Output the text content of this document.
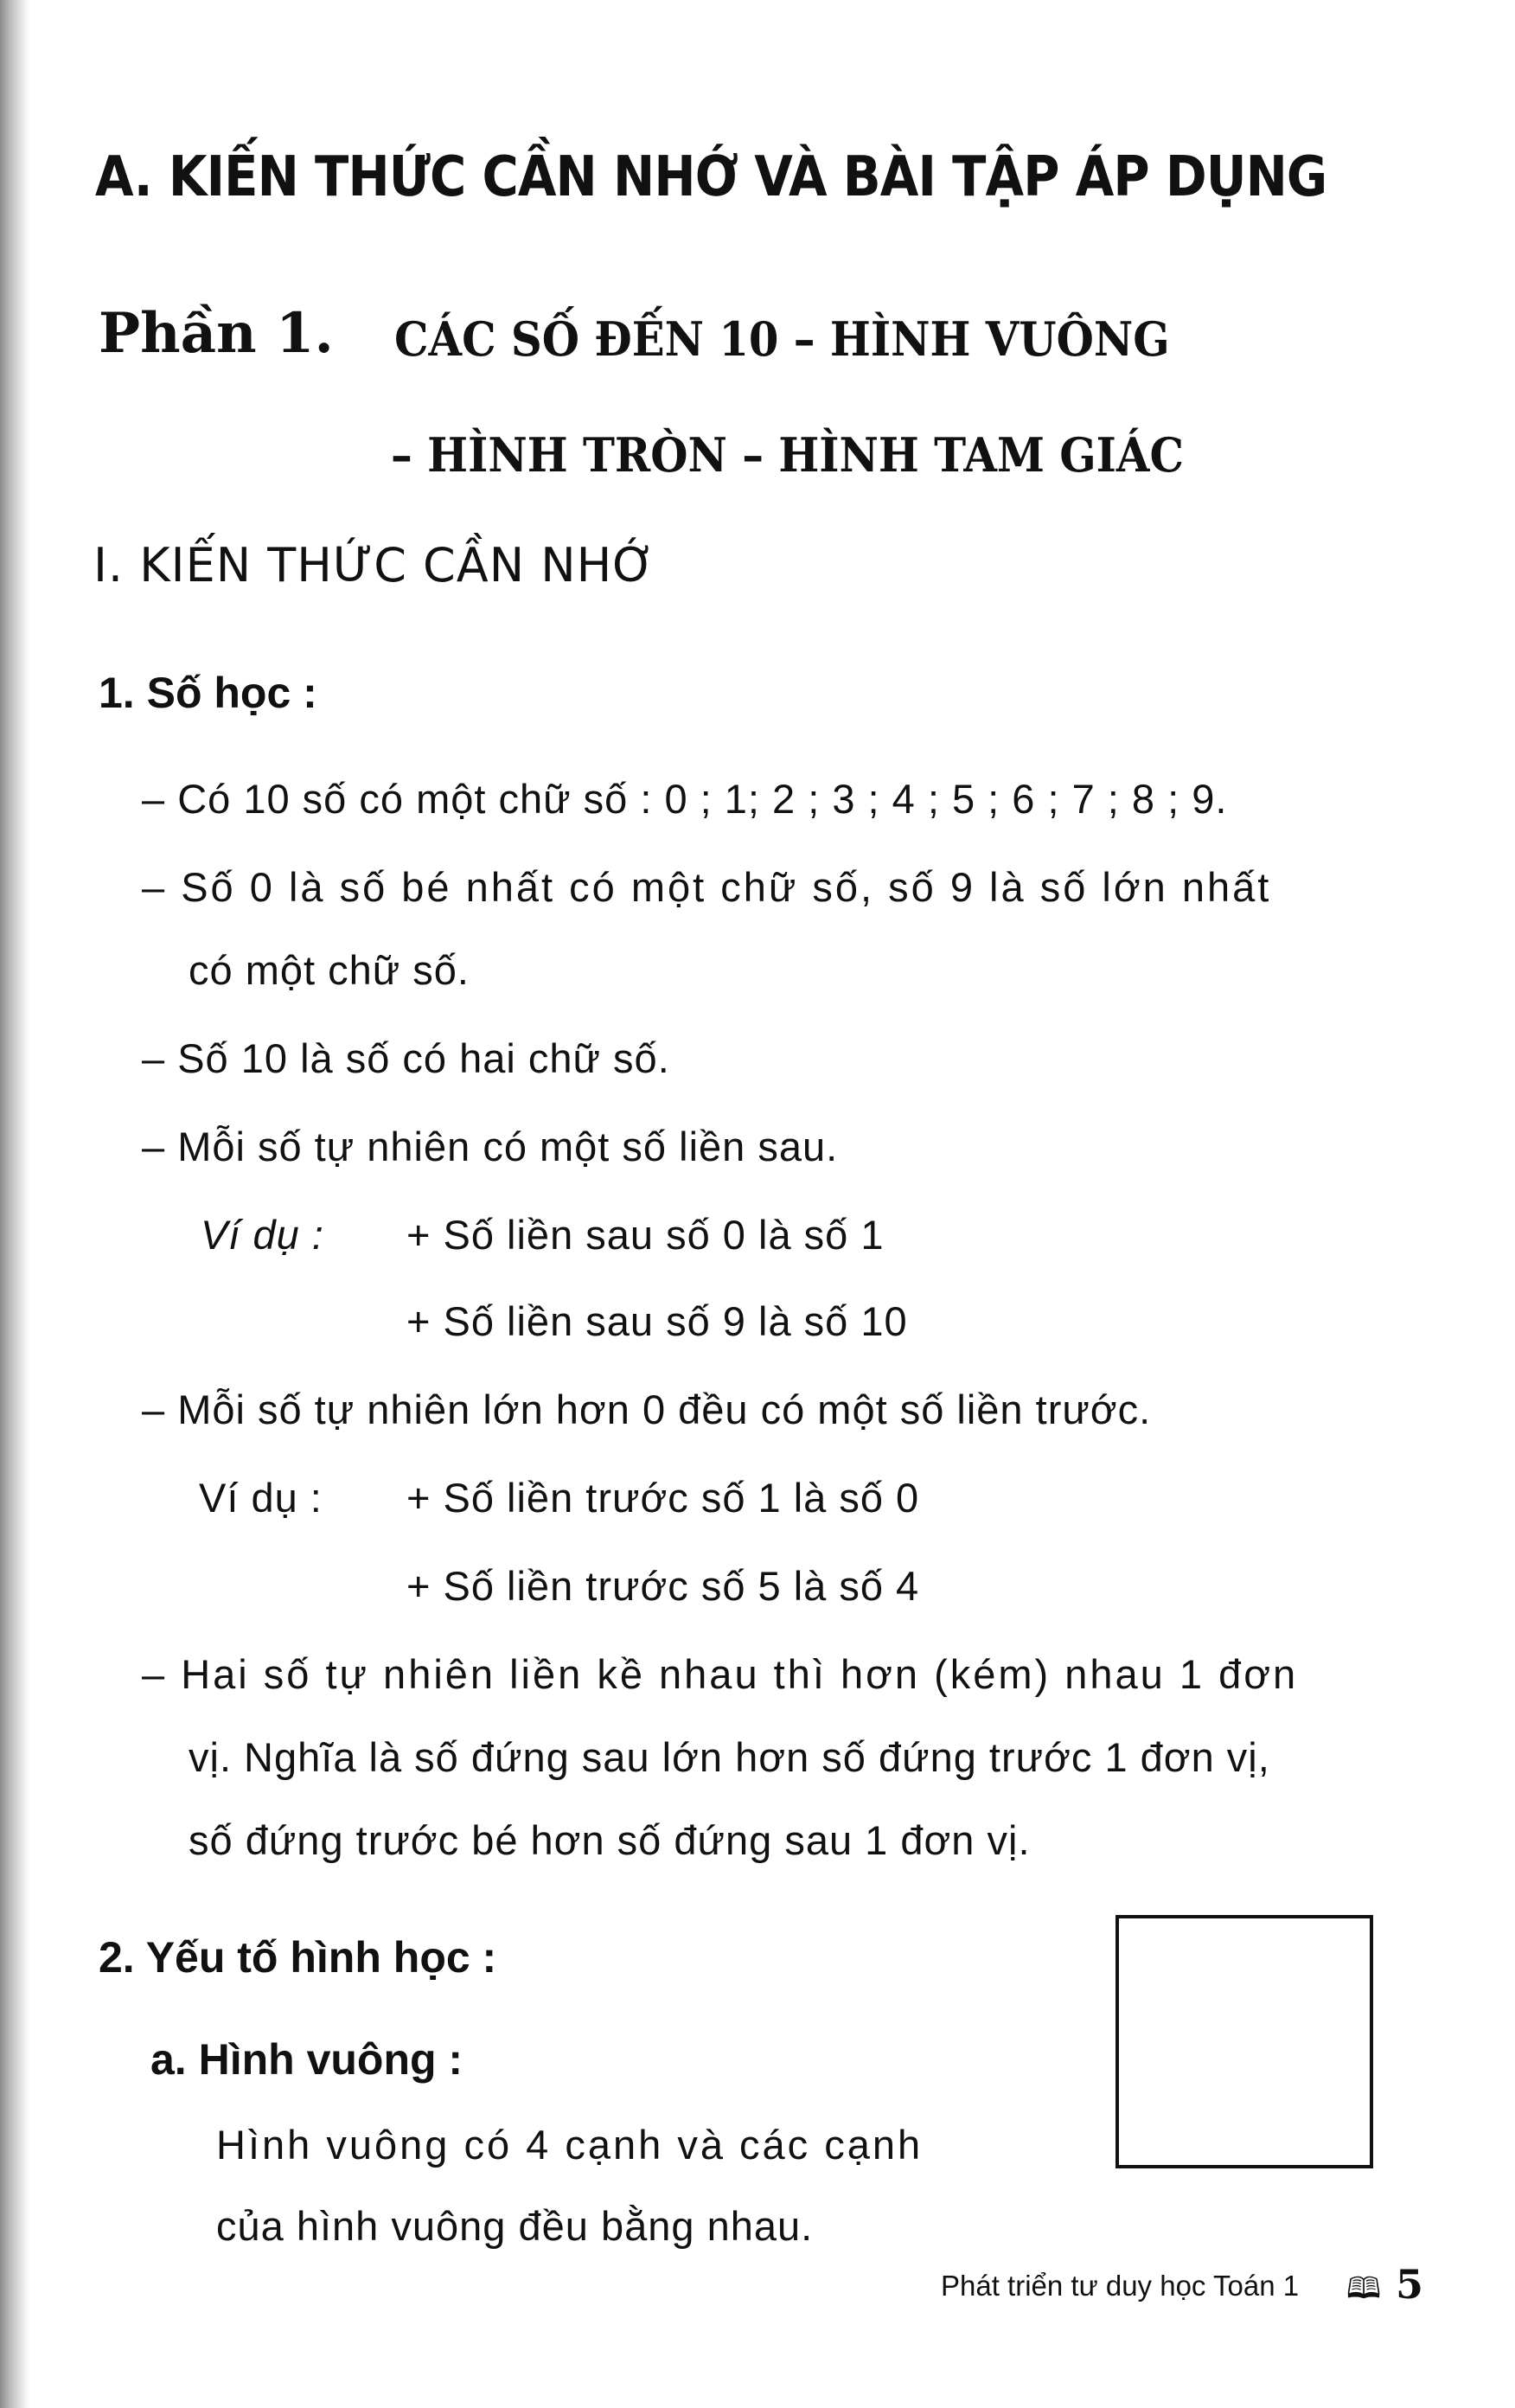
A. KIẾN THỨC CẦN NHỚ VÀ BÀI TẬP ÁP DỤNG
Phần 1. CÁC SỐ ĐẾN 10 – HÌNH VUÔNG
– HÌNH TRÒN – HÌNH TAM GIÁC
I. KIẾN THỨC CẦN NHỚ
1. Số học :
– Có 10 số có một chữ số : 0 ; 1; 2 ; 3 ; 4 ; 5 ; 6 ; 7 ; 8 ; 9.
– Số 0 là số bé nhất có một chữ số, số 9 là số lớn nhất
có một chữ số.
– Số 10 là số có hai chữ số.
– Mỗi số tự nhiên có một số liền sau.
Ví dụ : + Số liền sau số 0 là số 1
+ Số liền sau số 9 là số 10
– Mỗi số tự nhiên lớn hơn 0 đều có một số liền trước.
Ví dụ : + Số liền trước số 1 là số 0
+ Số liền trước số 5 là số 4
– Hai số tự nhiên liền kề nhau thì hơn (kém) nhau 1 đơn
vị. Nghĩa là số đứng sau lớn hơn số đứng trước 1 đơn vị,
số đứng trước bé hơn số đứng sau 1 đơn vị.
2. Yếu tố hình học :
a. Hình vuông :
Hình vuông có 4 cạnh và các cạnh
của hình vuông đều bằng nhau.
Phát triển tư duy học Toán 1 🕮 5
